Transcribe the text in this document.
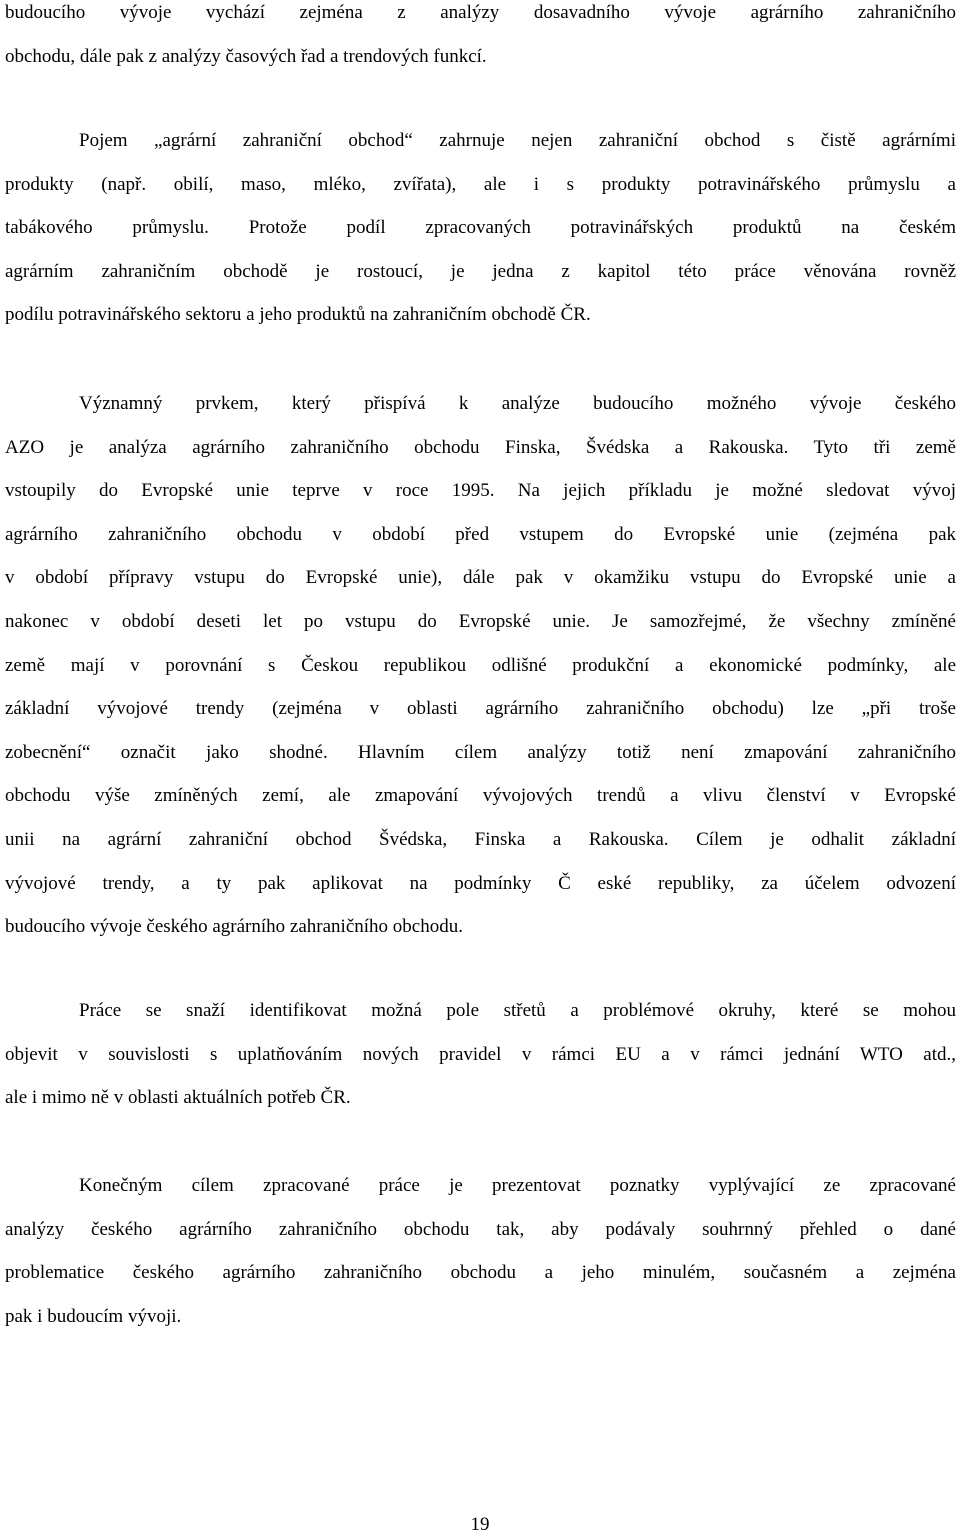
budoucího vývoje vychází zejména z analýzy dosavadního vývoje agrárního zahraničního
obchodu, dále pak z analýzy časových řad a trendových funkcí.
Pojem „agrární zahraniční obchod“ zahrnuje nejen zahraniční obchod s čistě agrárními
produkty (např. obilí, maso, mléko, zvířata), ale i s produkty potravinářského průmyslu a
tabákového průmyslu. Protože podíl zpracovaných potravinářských produktů na českém
agrárním zahraničním obchodě je rostoucí, je jedna z kapitol této práce věnována rovněž
podílu potravinářského sektoru a jeho produktů na zahraničním obchodě ČR.
Významný prvkem, který přispívá k analýze budoucího možného vývoje českého
AZO je analýza agrárního zahraničního obchodu Finska, Švédska a Rakouska. Tyto tři země
vstoupily do Evropské unie teprve v roce 1995. Na jejich příkladu je možné sledovat vývoj
agrárního zahraničního obchodu v období před vstupem do Evropské unie (zejména pak
v období přípravy vstupu do Evropské unie), dále pak v okamžiku vstupu do Evropské unie a
nakonec v období deseti let po vstupu do Evropské unie. Je samozřejmé, že všechny zmíněné
země mají v porovnání s Českou republikou odlišné produkční a ekonomické podmínky, ale
základní vývojové trendy (zejména v oblasti agrárního zahraničního obchodu) lze „při troše
zobecnění“ označit jako shodné. Hlavním cílem analýzy totiž není zmapování zahraničního
obchodu výše zmíněných zemí, ale zmapování vývojových trendů a vlivu členství v Evropské
unii na agrární zahraniční obchod Švédska, Finska a Rakouska. Cílem je odhalit základní
vývojové trendy, a ty pak aplikovat na podmínky Č eské republiky, za účelem odvození
budoucího vývoje českého agrárního zahraničního obchodu.
Práce se snaží identifikovat možná pole střetů a problémové okruhy, které se mohou
objevit v souvislosti s uplatňováním nových pravidel v rámci EU a v rámci jednání WTO atd.,
ale i mimo ně v oblasti aktuálních potřeb ČR.
Konečným cílem zpracované práce je prezentovat poznatky vyplývající ze zpracované
analýzy českého agrárního zahraničního obchodu tak, aby podávaly souhrnný přehled o dané
problematice českého agrárního zahraničního obchodu a jeho minulém, současném a zejména
pak i budoucím vývoji.
19
